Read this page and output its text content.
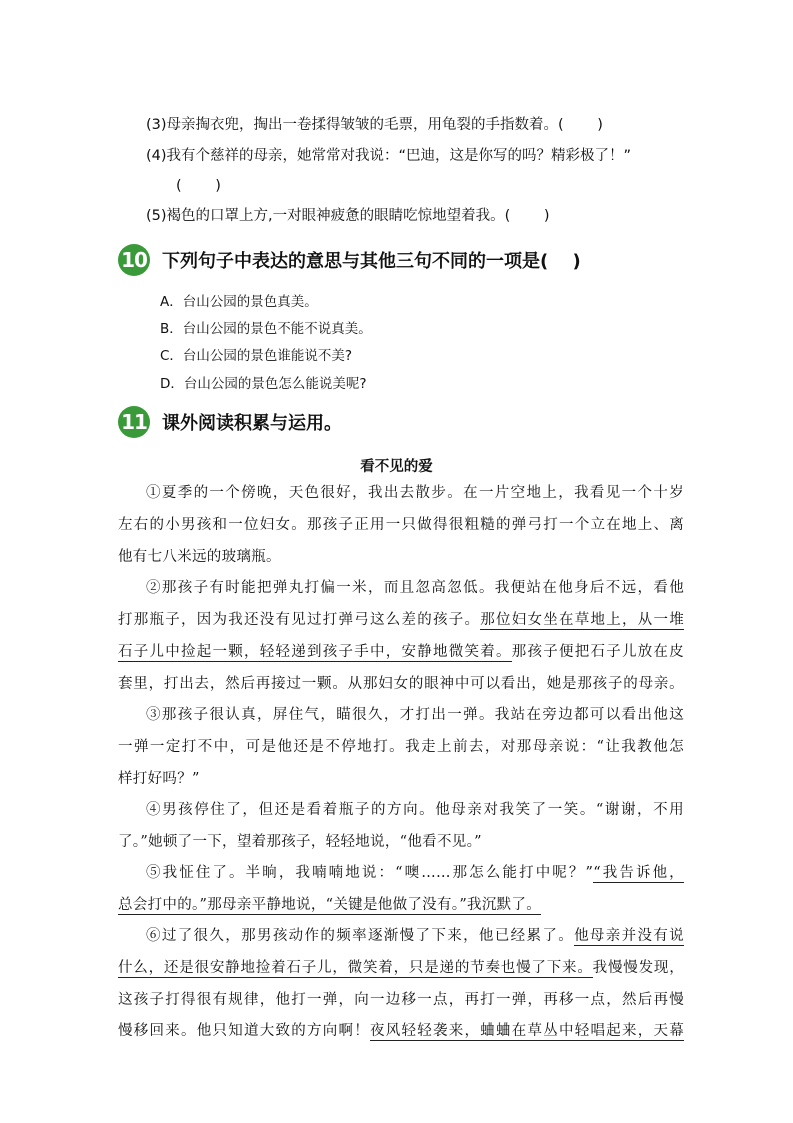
(3)母亲掏衣兜，掏出一卷揉得皱皱的毛票，用龟裂的手指数着。(　　 )
(4)我有个慈祥的母亲，她常常对我说：“巴迪，这是你写的吗？精彩极了！”
(　　 )
(5)褐色的口罩上方,一对眼神疲惫的眼睛吃惊地望着我。(　　 )
10 下列句子中表达的意思与其他三句不同的一项是(　 )
A．台山公园的景色真美。
B．台山公园的景色不能不说真美。
C．台山公园的景色谁能说不美?
D．台山公园的景色怎么能说美呢?
11 课外阅读积累与运用。
看不见的爱
①夏季的一个傍晚，天色很好，我出去散步。在一片空地上，我看见一个十岁
左右的小男孩和一位妇女。那孩子正用一只做得很粗糙的弹弓打一个立在地上、离
他有七八米远的玻璃瓶。
②那孩子有时能把弹丸打偏一米，而且忽高忽低。我便站在他身后不远，看他
打那瓶子，因为我还没有见过打弹弓这么差的孩子。那位妇女坐在草地上，从一堆
石子儿中捡起一颗，轻轻递到孩子手中，安静地微笑着。那孩子便把石子儿放在皮
套里，打出去，然后再接过一颗。从那妇女的眼神中可以看出，她是那孩子的母亲。
③那孩子很认真，屏住气，瞄很久，才打出一弹。我站在旁边都可以看出他这
一弹一定打不中，可是他还是不停地打。我走上前去，对那母亲说：“让我教他怎
样打好吗？”
④男孩停住了，但还是看着瓶子的方向。他母亲对我笑了一笑。“谢谢，不用
了。”她顿了一下，望着那孩子，轻轻地说，“他看不见。”
⑤我怔住了。半晌，我喃喃地说：“噢……那怎么能打中呢？”“我告诉他，
总会打中的。”那母亲平静地说，“关键是他做了没有。”我沉默了。
⑥过了很久，那男孩动作的频率逐渐慢了下来，他已经累了。他母亲并没有说
什么，还是很安静地捡着石子儿，微笑着，只是递的节奏也慢了下来。我慢慢发现，
这孩子打得很有规律，他打一弹，向一边移一点，再打一弹，再移一点，然后再慢
慢移回来。他只知道大致的方向啊！夜风轻轻袭来，蛐蛐在草丛中轻唱起来，天幕
